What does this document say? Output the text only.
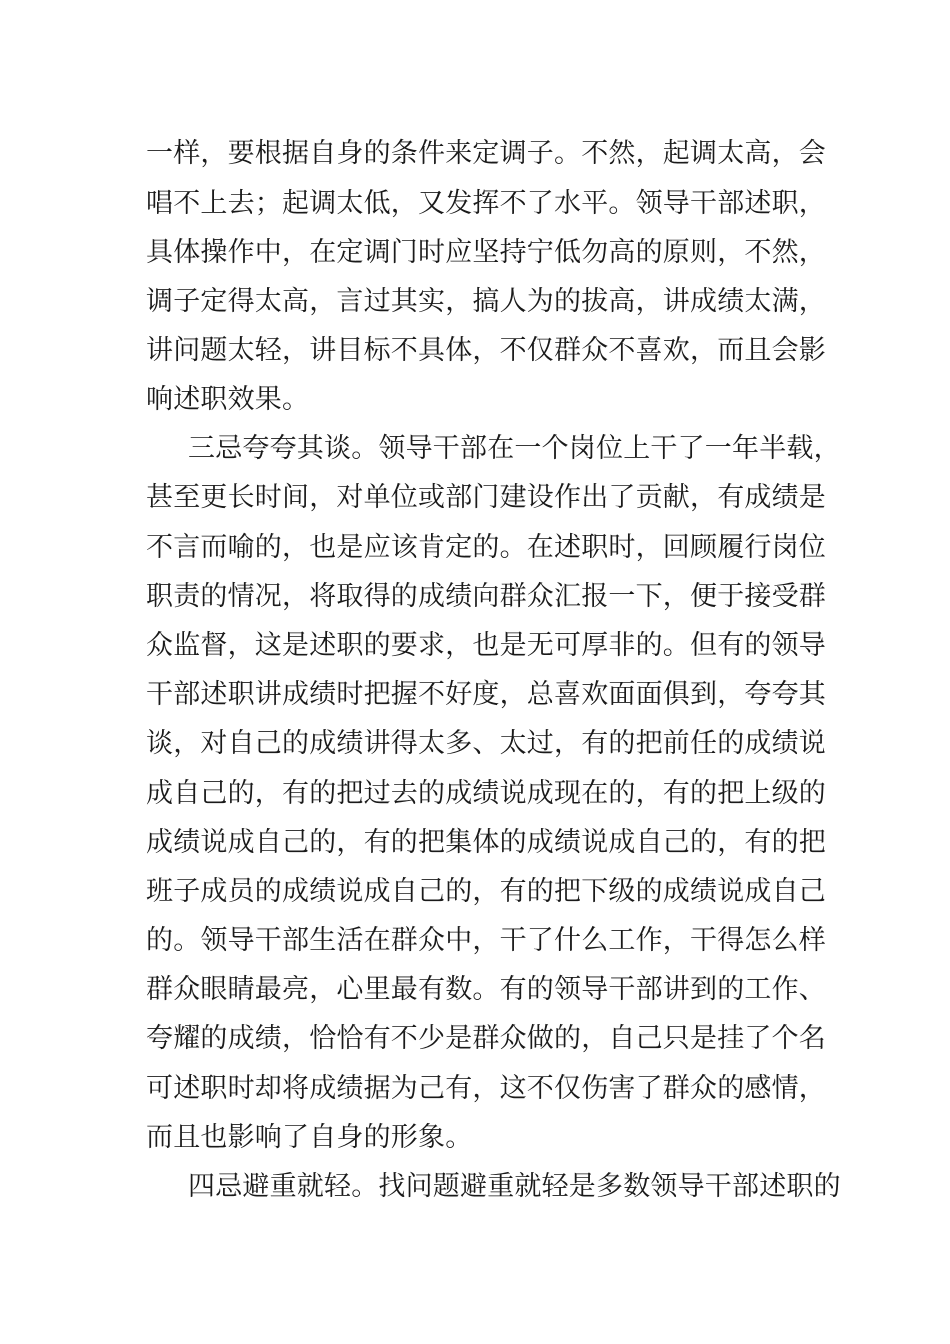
一样，要根据自身的条件来定调子。不然，起调太高，会
唱不上去；起调太低，又发挥不了水平。领导干部述职，
具体操作中，在定调门时应坚持宁低勿高的原则，不然，
调子定得太高，言过其实，搞人为的拔高，讲成绩太满，
讲问题太轻，讲目标不具体，不仅群众不喜欢，而且会影
响述职效果。
三忌夸夸其谈。领导干部在一个岗位上干了一年半载，
甚至更长时间，对单位或部门建设作出了贡献，有成绩是
不言而喻的，也是应该肯定的。在述职时，回顾履行岗位
职责的情况，将取得的成绩向群众汇报一下，便于接受群
众监督，这是述职的要求，也是无可厚非的。但有的领导
干部述职讲成绩时把握不好度，总喜欢面面俱到，夸夸其
谈，对自己的成绩讲得太多、太过，有的把前任的成绩说
成自己的，有的把过去的成绩说成现在的，有的把上级的
成绩说成自己的，有的把集体的成绩说成自己的，有的把
班子成员的成绩说成自己的，有的把下级的成绩说成自己
的。领导干部生活在群众中，干了什么工作，干得怎么样
群众眼睛最亮，心里最有数。有的领导干部讲到的工作、
夸耀的成绩，恰恰有不少是群众做的，自己只是挂了个名
可述职时却将成绩据为己有，这不仅伤害了群众的感情，
而且也影响了自身的形象。
四忌避重就轻。找问题避重就轻是多数领导干部述职的
